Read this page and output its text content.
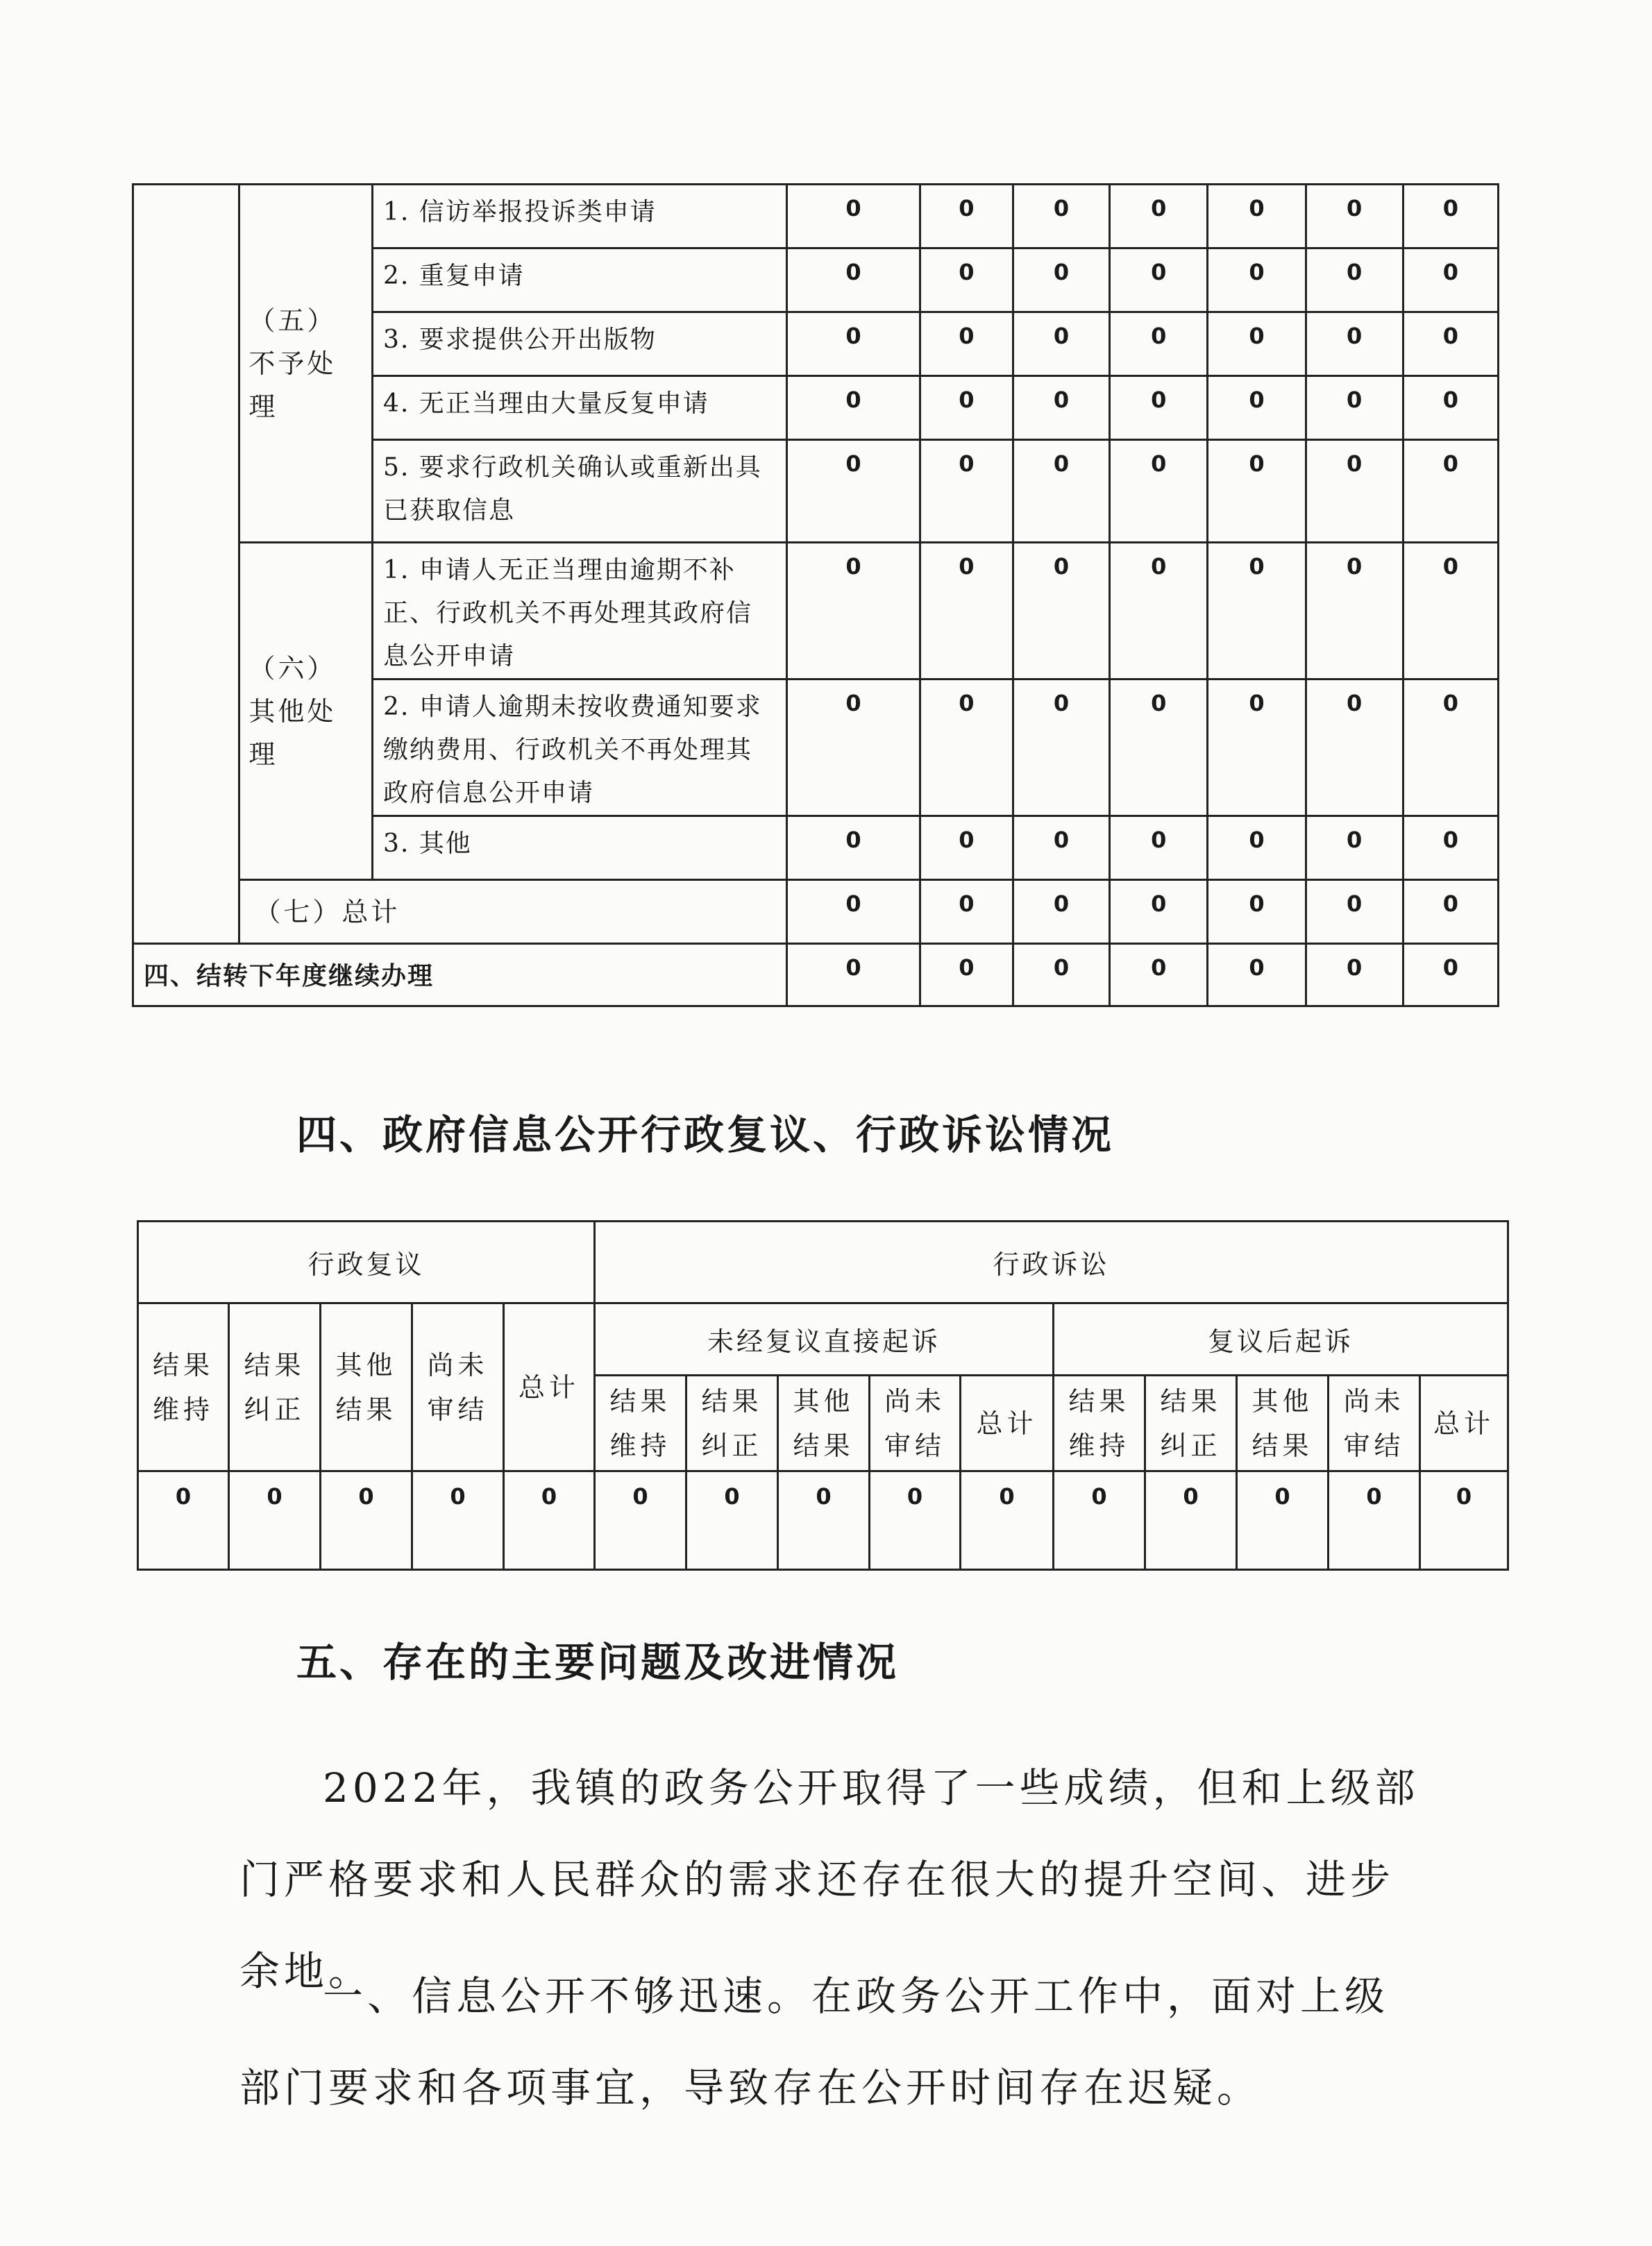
	（五）不予处理	1. 信访举报投诉类申请	0	0	0	0	0	0	0
		2. 重复申请	0	0	0	0	0	0	0
		3. 要求提供公开出版物	0	0	0	0	0	0	0
		4. 无正当理由大量反复申请	0	0	0	0	0	0	0
		5. 要求行政机关确认或重新出具已获取信息	0	0	0	0	0	0	0
	（六）其他处理	1. 申请人无正当理由逾期不补正、行政机关不再处理其政府信息公开申请	0	0	0	0	0	0	0
		2. 申请人逾期未按收费通知要求缴纳费用、行政机关不再处理其政府信息公开申请	0	0	0	0	0	0	0
		3. 其他	0	0	0	0	0	0	0
	（七）总计		0	0	0	0	0	0	0
四、结转下年度继续办理			0	0	0	0	0	0	0
四、政府信息公开行政复议、行政诉讼情况
行政复议					行政诉讼									
结果维持	结果纠正	其他结果	尚未审结	总计	未经复议直接起诉					复议后起诉				
					结果维持	结果纠正	其他结果	尚未审结	总计	结果维持	结果纠正	其他结果	尚未审结	总计
0	0	0	0	0	0	0	0	0	0	0	0	0	0	0
五、存在的主要问题及改进情况

2022年，我镇的政务公开取得了一些成绩，但和上级部门严格要求和人民群众的需求还存在很大的提升空间、进步余地。

一、信息公开不够迅速。在政务公开工作中，面对上级部门要求和各项事宜，导致存在公开时间存在迟疑。
